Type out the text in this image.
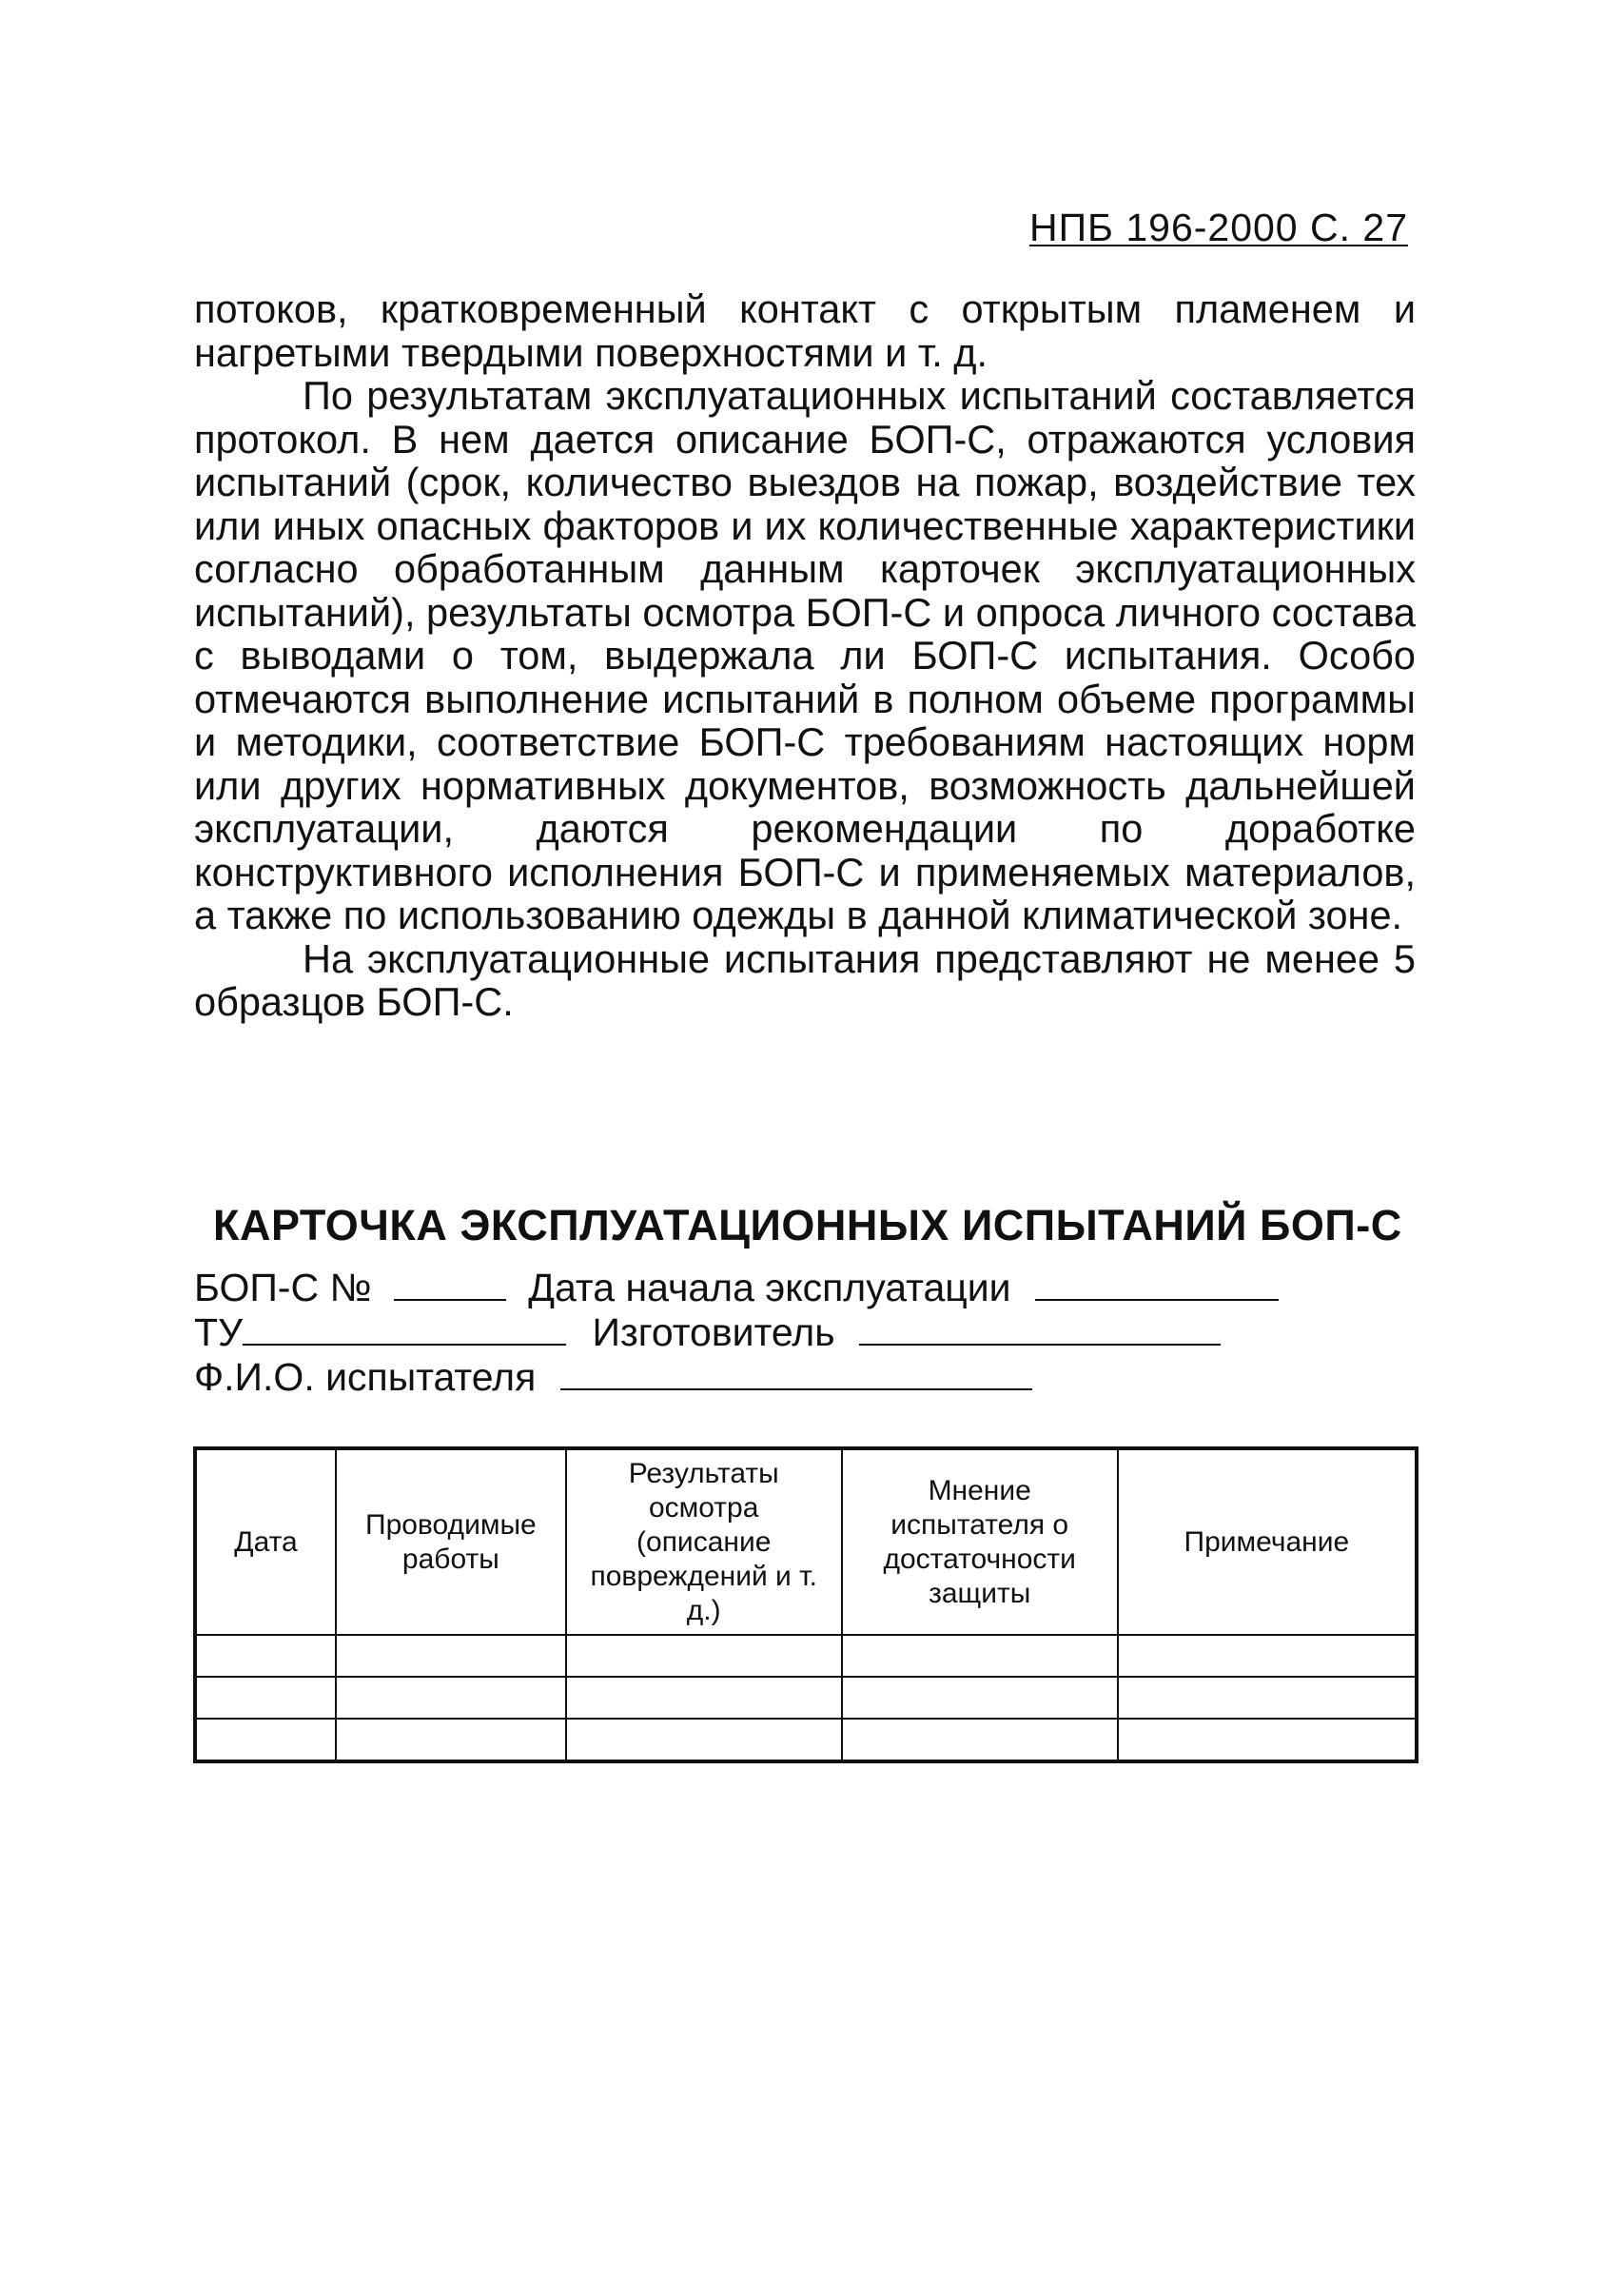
НПБ 196-2000 С. 27

потоков, кратковременный контакт с открытым пламенем и нагретыми твердыми поверхностями и т. д.

По результатам эксплуатационных испытаний составляется протокол. В нем дается описание БОП-С, отражаются условия испытаний (срок, количество выездов на пожар, воздействие тех или иных опасных факторов и их количественные характеристики согласно обработанным данным карточек эксплуатационных испытаний), результаты осмотра БОП-С и опроса личного состава с выводами о том, выдержала ли БОП-С испытания. Особо отмечаются выполнение испытаний в полном объеме программы и методики, соответствие БОП-С требованиям настоящих норм или других нормативных документов, возможность дальнейшей эксплуатации, даются рекомендации по доработке конструктивного исполнения БОП-С и применяемых материалов, а также по использованию одежды в данной климатической зоне.

На эксплуатационные испытания представляют не менее 5 образцов БОП-С.

КАРТОЧКА ЭКСПЛУАТАЦИОННЫХ ИСПЫТАНИЙ БОП-С
БОП-С №	Дата начала эксплуатации
ТУ	Изготовитель
Ф.И.О. испытателя
Дата	Проводимые работы	Результаты осмотра (описание повреждений и т. д.)	Мнение испытателя о достаточности защиты	Примечание
